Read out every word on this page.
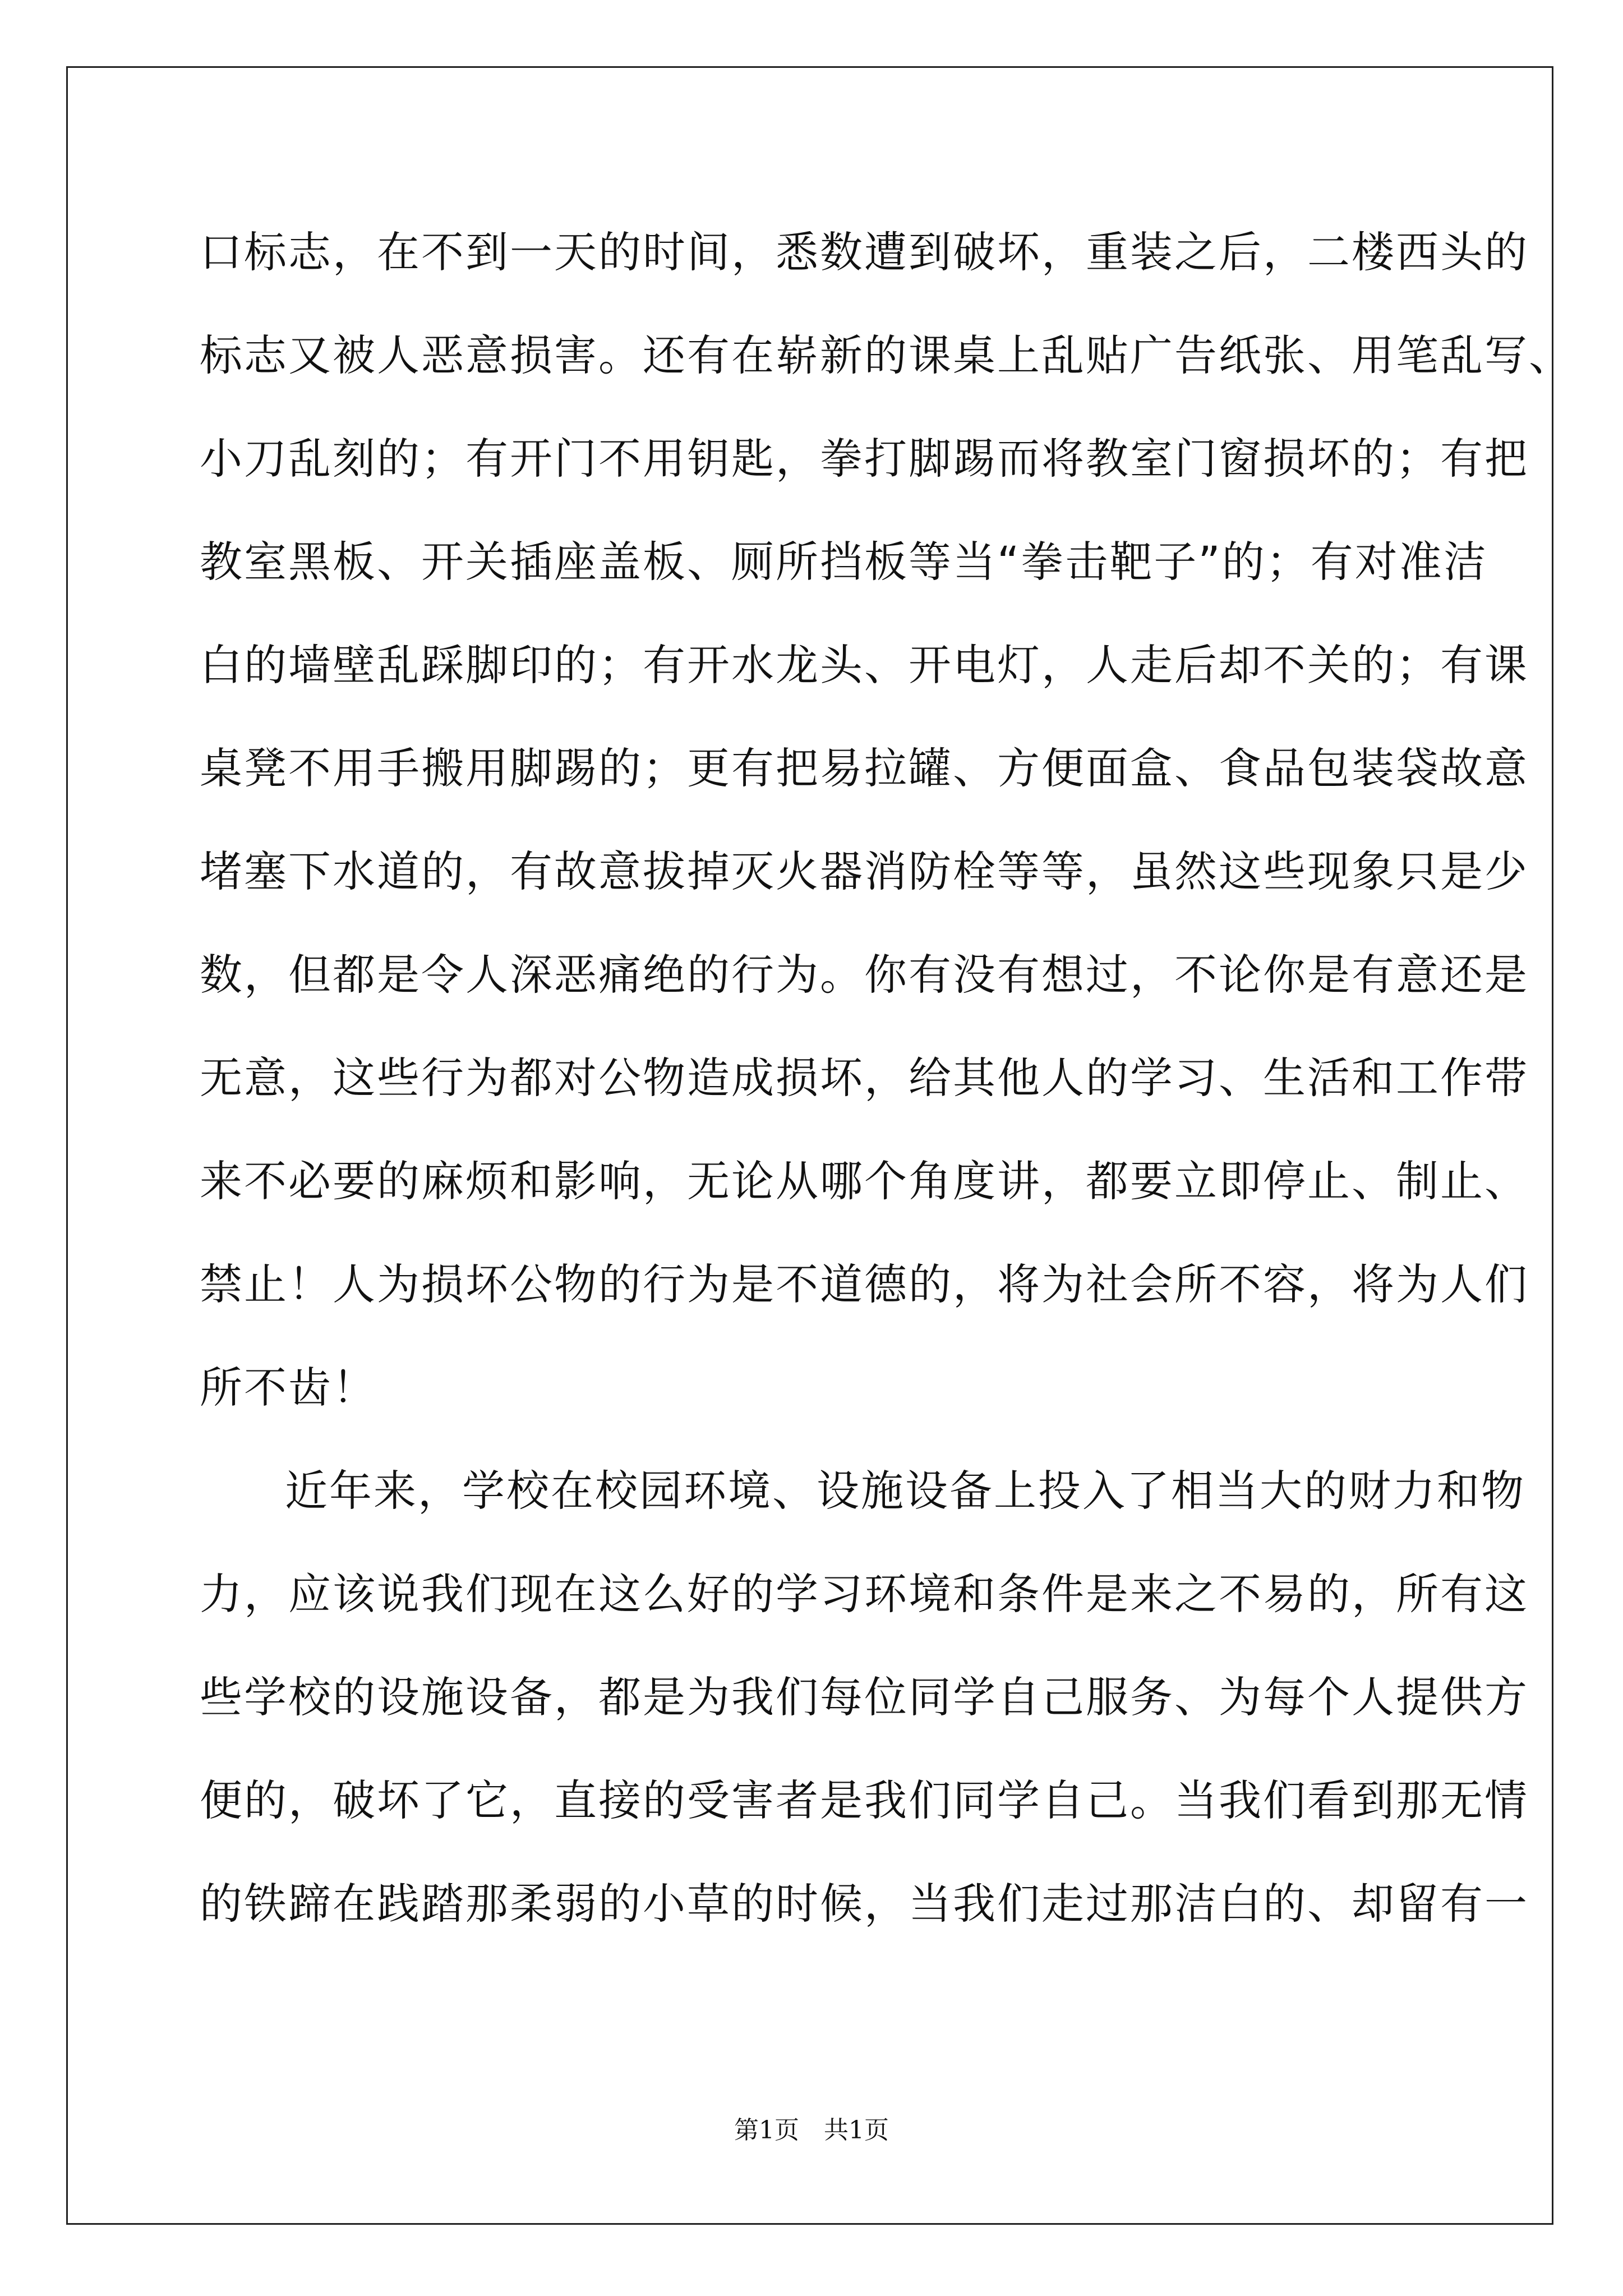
口标志，在不到一天的时间，悉数遭到破坏，重装之后，二楼西头的
标志又被人恶意损害。还有在崭新的课桌上乱贴广告纸张、用笔乱写、
小刀乱刻的；有开门不用钥匙，拳打脚踢而将教室门窗损坏的；有把
教室黑板、开关插座盖板、厕所挡板等当“拳击靶子”的；有对准洁
白的墙壁乱踩脚印的；有开水龙头、开电灯，人走后却不关的；有课
桌凳不用手搬用脚踢的；更有把易拉罐、方便面盒、食品包装袋故意
堵塞下水道的，有故意拔掉灭火器消防栓等等，虽然这些现象只是少
数，但都是令人深恶痛绝的行为。你有没有想过，不论你是有意还是
无意，这些行为都对公物造成损坏，给其他人的学习、生活和工作带
来不必要的麻烦和影响，无论从哪个角度讲，都要立即停止、制止、
禁止！人为损坏公物的行为是不道德的，将为社会所不容，将为人们
所不齿！
近年来，学校在校园环境、设施设备上投入了相当大的财力和物
力，应该说我们现在这么好的学习环境和条件是来之不易的，所有这
些学校的设施设备，都是为我们每位同学自己服务、为每个人提供方
便的，破坏了它，直接的受害者是我们同学自己。当我们看到那无情
的铁蹄在践踏那柔弱的小草的时候，当我们走过那洁白的、却留有一
第1页　共1页
